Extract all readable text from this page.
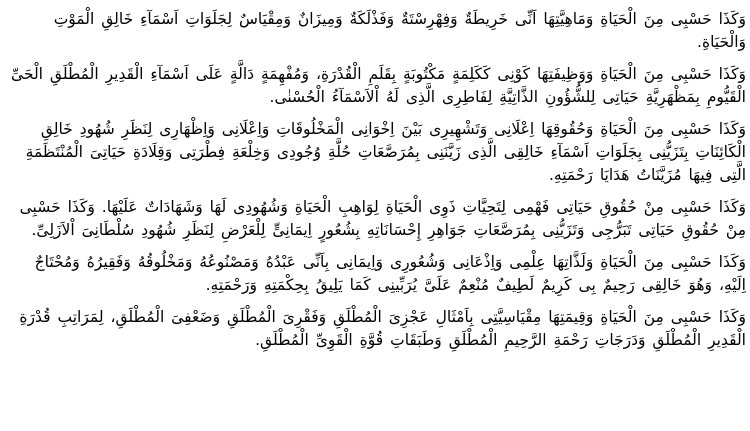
وَكَذَا حَسْبِى مِنَ الْحَيَاةِ وَمَاهِيَّتِهَا اَنِّى خَرِيطَةٌ وَفِهْرِسْتَةٌ وَفَذْلَكَةٌ وَمِيزَانٌ وَمِقْيَاسٌ لِجَلَوَاتِ اَسْمَآءِ خَالِقِ الْمَوْتِ وَالْحَيَاةِ.

وَكَذَا حَسْبِى مِنَ الْحَيَاةِ وَوَظِيفَتِهَا كَوْنِى كَكَلِمَةٍ مَكْتُوبَةٍ بِقَلَمِ الْقُدْرَةِ، وَمُفْهِمَةٍ دَالَّةٍ عَلَى اَسْمَآءِ الْقَدِيرِ الْمُطْلَقِ الْحَىِّ الْقَيُّومِ بِمَظْهَرِيَّةِ حَيَاتِى لِلشُّؤُونِ الذَّاتِيَّةِ لِفَاطِرِى الَّذِى لَهُ اْلاَسْمَآءُ الْحُسْنٰى.

وَكَذَا حَسْبِى مِنَ الْحَيَاةِ وَحُقُوقِهَا اِعْلَانِى وَتَشْهِيرِى بَيْنَ اِخْوَانِى الْمَخْلُوقَاتِ وَاِعْلَانِى وَاِظْهَارِى لِنَظَرِ شُهُودِ خَالِقِ الْكَائِنَاتِ بِتَزَيُّنِى بِجَلَوَاتِ اَسْمَآءِ خَالِقِى الَّذِى زَيَّنَنِى بِمُرَصَّعَاتِ حُلَّةِ وُجُودِى وَخِلْعَةِ فِطْرَتِى وَقِلَادَةِ حَيَاتِىَ الْمُنْتَظَمَةِ الَّتِى فِيهَا مُزَيَّنَاتُ هَدَايَا رَحْمَتِهِ.

وَكَذَا حَسْبِى مِنْ حُقُوقِ حَيَاتِى فَهْمِى لِتَحِيَّاتِ ذَوِى الْحَيَاةِ لِوَاهِبِ الْحَيَاةِ وَشُهُودِى لَهَا وَشَهَادَاتٌ عَلَيْهَا. وَكَذَا حَسْبِى مِنْ حُقُوقِ حَيَاتِى تَبَرُّجِى وَتَزَيُّنِى بِمُرَصَّعَاتِ جَوَاهِرِ إِحْسَانَاتِهِ بِشُعُورٍ اِيمَانِىٍّ لِلْعَرْضِ لِنَظَرِ شُهُودِ سُلْطَانِىَ اْلاَزَلِىِّ.

وَكَذَا حَسْبِى مِنَ الْحَيَاةِ وَلَذَّاتِهَا عِلْمِى وَاِذْعَانِى وَشُعُورِى وَاِيمَانِى بِاَنِّى عَبْدُهُ وَمَصْنُوعُهُ وَمَخْلُوقُهُ وَفَقِيرُهُ وَمُحْتَاجٌ اِلَيْهِ، وَهُوَ خَالِقِى رَحِيمٌ بِى كَرِيمٌ لَطِيفٌ مُنْعِمٌ عَلَىَّ يُرَبِّينِى كَمَا يَلِيقُ بِحِكْمَتِهِ وَرَحْمَتِهِ.

وَكَذَا حَسْبِى مِنَ الْحَيَاةِ وَقِيمَتِهَا مِقْيَاسِيَّتِى بِاَمْثَالِ عَجْزِىَ الْمُطْلَقِ وَفَقْرِىَ الْمُطْلَقِ وَضَعْفِىَ الْمُطْلَقِ، لِمَرَاتِبِ قُدْرَةِ الْقَدِيرِ الْمُطْلَقِ وَدَرَجَاتِ رَحْمَةِ الرَّحِيمِ الْمُطْلَقِ وَطَبَقَاتِ قُوَّةِ الْقَوِىِّ الْمُطْلَقِ.
